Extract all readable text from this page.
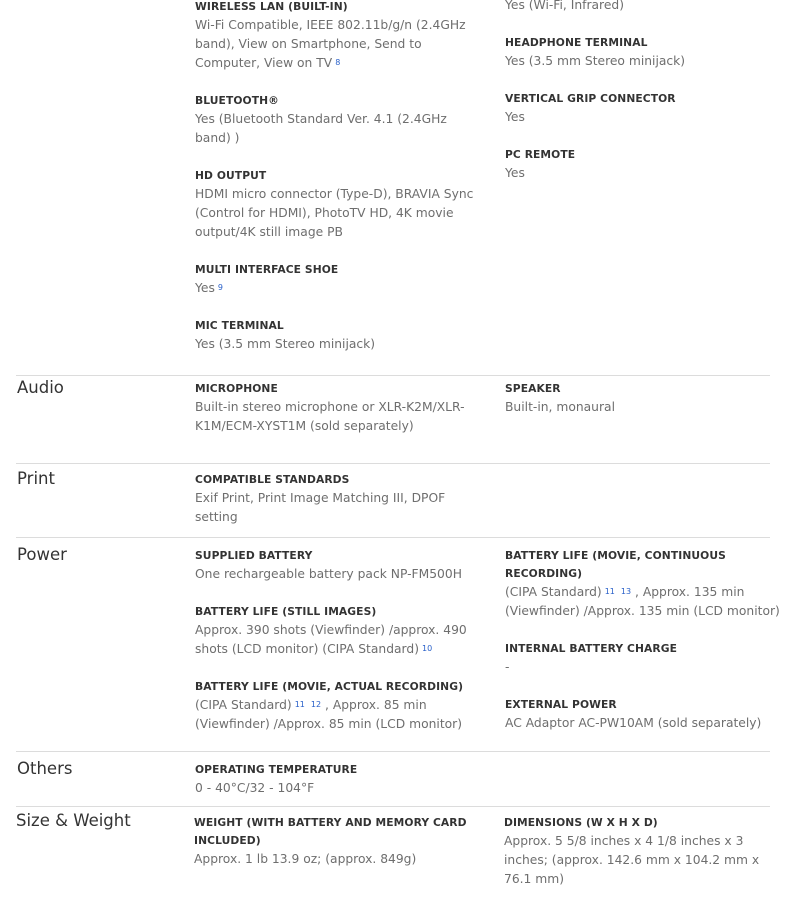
WIRELESS LAN (BUILT-IN)
Wi-Fi Compatible, IEEE 802.11b/g/n (2.4GHz band), View on Smartphone, Send to Computer, View on TV $^8$
BLUETOOTH®
Yes (Bluetooth Standard Ver. 4.1 (2.4GHz band) )
HD OUTPUT
HDMI micro connector (Type-D), BRAVIA Sync (Control for HDMI), PhotoTV HD, 4K movie output/4K still image PB
MULTI INTERFACE SHOE
Yes $^9$
MIC TERMINAL
Yes (3.5 mm Stereo minijack)
Yes (Wi-Fi, Infrared)
HEADPHONE TERMINAL
Yes (3.5 mm Stereo minijack)
VERTICAL GRIP CONNECTOR
Yes
PC REMOTE
Yes
Audio	MICROPHONE
Built-in stereo microphone or XLR-K2M/XLR-K1M/ECM-XYST1M (sold separately)
SPEAKER
Built-in, monaural
Print	COMPATIBLE STANDARDS
Exif Print, Print Image Matching III, DPOF setting
Power	SUPPLIED BATTERY
One rechargeable battery pack NP-FM500H
BATTERY LIFE (STILL IMAGES)
Approx. 390 shots (Viewfinder) /approx. 490 shots (LCD monitor) (CIPA Standard) $^{10}$
BATTERY LIFE (MOVIE, ACTUAL RECORDING)
(CIPA Standard) $^{11}$ $^{12}$ , Approx. 85 min (Viewfinder) /Approx. 85 min (LCD monitor)
BATTERY LIFE (MOVIE, CONTINUOUS RECORDING)
(CIPA Standard) $^{11}$ $^{13}$ , Approx. 135 min (Viewfinder) /Approx. 135 min (LCD monitor)
INTERNAL BATTERY CHARGE
-
EXTERNAL POWER
AC Adaptor AC-PW10AM (sold separately)
Others	OPERATING TEMPERATURE
0 - 40°C/32 - 104°F
Size & Weight	WEIGHT (WITH BATTERY AND MEMORY CARD INCLUDED)
Approx. 1 lb 13.9 oz; (approx. 849g)
DIMENSIONS (W X H X D)
Approx. 5 5/8 inches x 4 1/8 inches x 3 inches; (approx. 142.6 mm x 104.2 mm x 76.1 mm)
